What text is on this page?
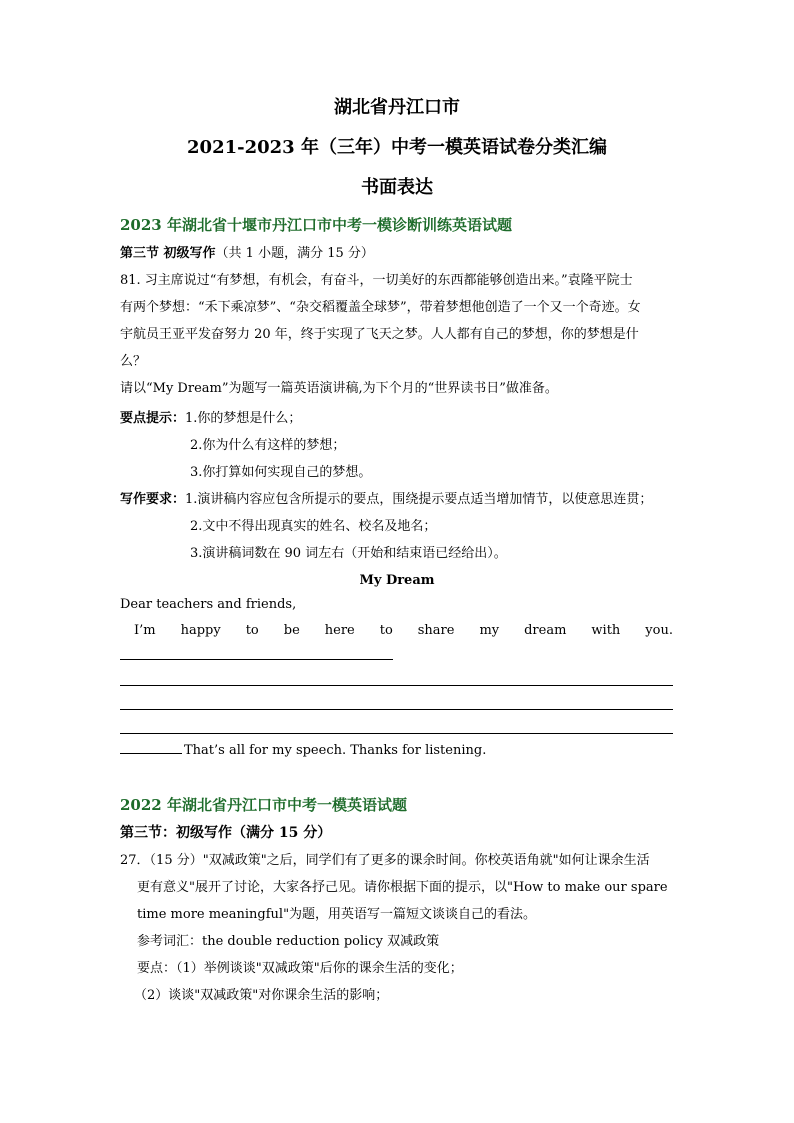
湖北省丹江口市
2021-2023 年（三年）中考一模英语试卷分类汇编
书面表达
2023 年湖北省十堰市丹江口市中考一模诊断训练英语试题
第三节 初级写作（共 1 小题，满分 15 分）
81. 习主席说过“有梦想，有机会，有奋斗，一切美好的东西都能够创造出来。”袁隆平院士
有两个梦想：“禾下乘凉梦”、“杂交稻覆盖全球梦”，带着梦想他创造了一个又一个奇迹。女
宇航员王亚平发奋努力 20 年，终于实现了飞天之梦。人人都有自己的梦想，你的梦想是什
么？
请以“My Dream”为题写一篇英语演讲稿,为下个月的“世界读书日”做准备。
要点提示：1.你的梦想是什么；
2.你为什么有这样的梦想；
3.你打算如何实现自己的梦想。
写作要求：1.演讲稿内容应包含所提示的要点，围绕提示要点适当增加情节，以使意思连贯；
2.文中不得出现真实的姓名、校名及地名；
3.演讲稿词数在 90 词左右（开始和结束语已经给出）。
My Dream
Dear teachers and friends,
I’m happy to be here to share my dream with you.
That’s all for my speech. Thanks for listening.
2022 年湖北省丹江口市中考一模英语试题
第三节：初级写作（满分 15 分）
27．（15 分）"双减政策"之后，同学们有了更多的课余时间。你校英语角就"如何让课余生活
更有意义"展开了讨论，大家各抒己见。请你根据下面的提示，以"How to make our spare
time more meaningful"为题，用英语写一篇短文谈谈自己的看法。
参考词汇：the double reduction policy 双减政策
要点：（1）举例谈谈"双减政策"后你的课余生活的变化；
（2）谈谈"双减政策"对你课余生活的影响；
